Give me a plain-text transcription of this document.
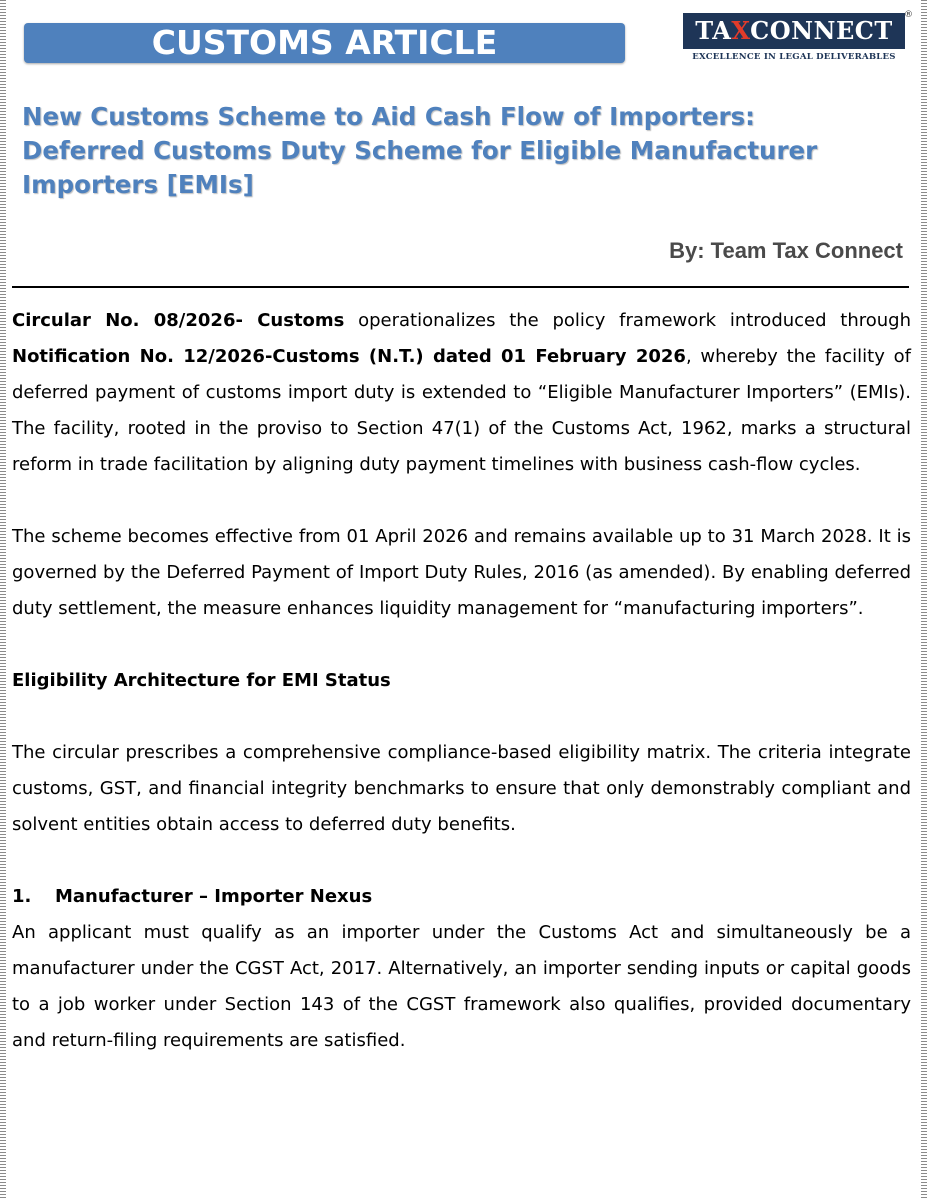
CUSTOMS ARTICLE	TAXCONNECT
®
EXCELLENCE IN LEGAL DELIVERABLES
New Customs Scheme to Aid Cash Flow of Importers: Deferred Customs Duty Scheme for Eligible Manufacturer Importers [EMIs]
By: Team Tax Connect

Circular No. 08/2026- Customs operationalizes the policy framework introduced through Notification No. 12/2026-Customs (N.T.) dated 01 February 2026, whereby the facility of deferred payment of customs import duty is extended to “Eligible Manufacturer Importers” (EMIs). The facility, rooted in the proviso to Section 47(1) of the Customs Act, 1962, marks a structural reform in trade facilitation by aligning duty payment timelines with business cash-flow cycles.

The scheme becomes effective from 01 April 2026 and remains available up to 31 March 2028. It is governed by the Deferred Payment of Import Duty Rules, 2016 (as amended). By enabling deferred duty settlement, the measure enhances liquidity management for “manufacturing importers”.

Eligibility Architecture for EMI Status

The circular prescribes a comprehensive compliance-based eligibility matrix. The criteria integrate customs, GST, and financial integrity benchmarks to ensure that only demonstrably compliant and solvent entities obtain access to deferred duty benefits.

1. Manufacturer – Importer Nexus

An applicant must qualify as an importer under the Customs Act and simultaneously be a manufacturer under the CGST Act, 2017. Alternatively, an importer sending inputs or capital goods to a job worker under Section 143 of the CGST framework also qualifies, provided documentary and return-filing requirements are satisfied.
